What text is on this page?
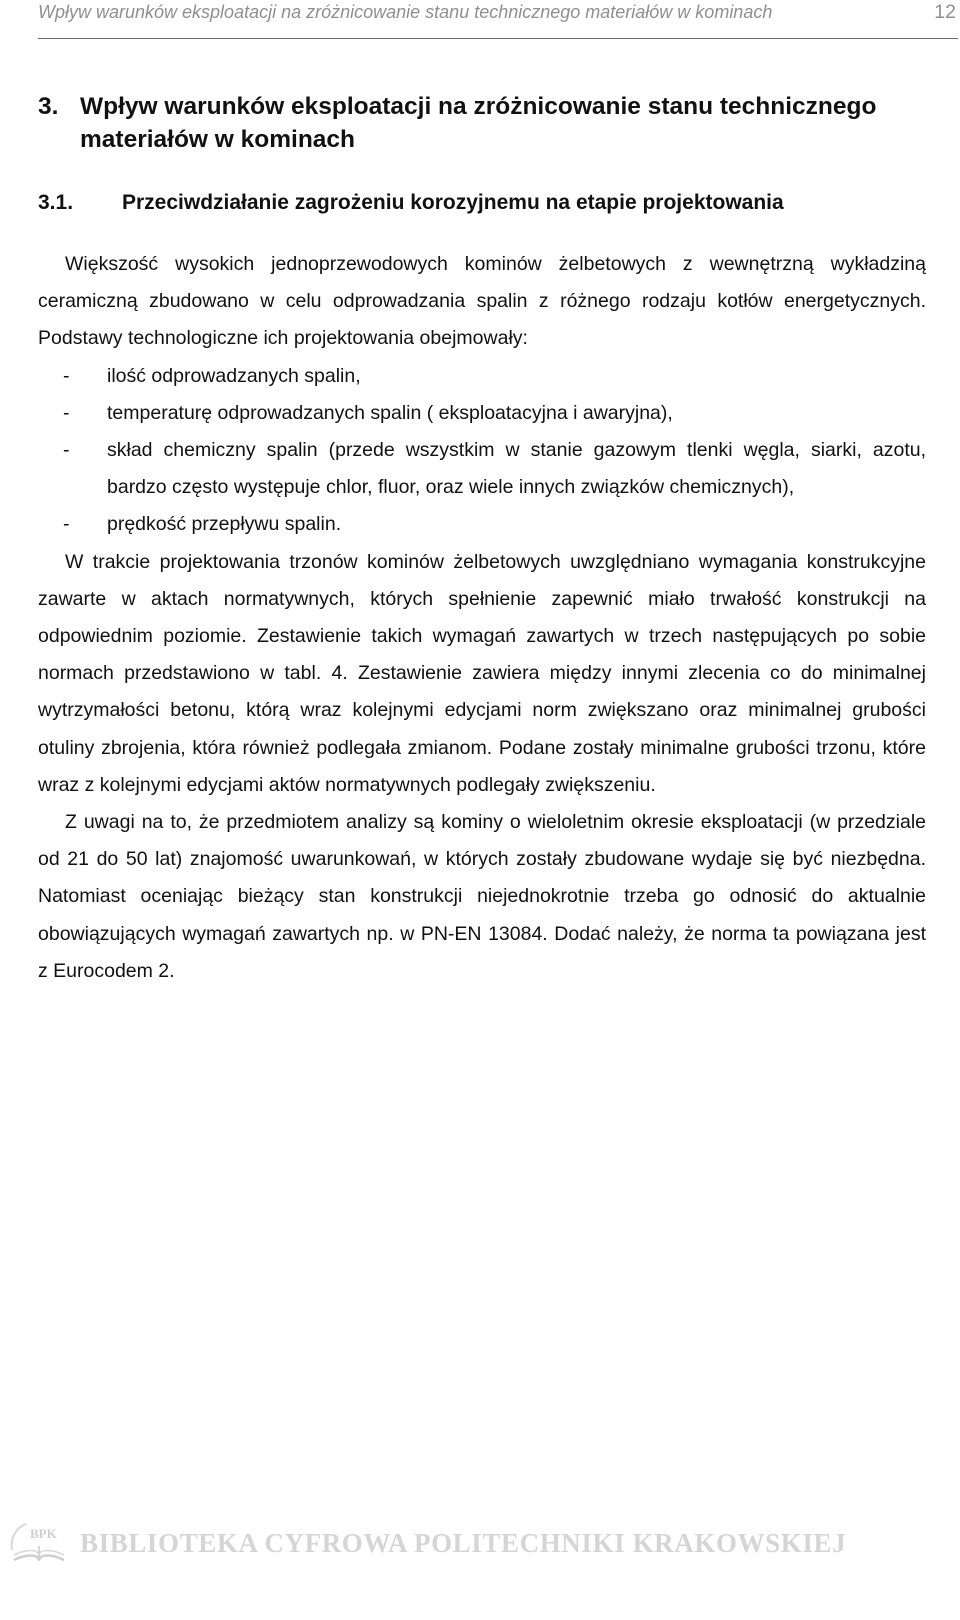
Wpływ warunków eksploatacji na zróżnicowanie stanu technicznego materiałów w kominach	12
3. Wpływ warunków eksploatacji na zróżnicowanie stanu technicznego materiałów w kominach
3.1. Przeciwdziałanie zagrożeniu korozyjnemu na etapie projektowania

Większość wysokich jednoprzewodowych kominów żelbetowych z wewnętrzną wykładziną ceramiczną zbudowano w celu odprowadzania spalin z różnego rodzaju kotłów energetycznych. Podstawy technologiczne ich projektowania obejmowały:

- ilość odprowadzanych spalin,

- temperaturę odprowadzanych spalin ( eksploatacyjna i awaryjna),

- skład chemiczny spalin (przede wszystkim w stanie gazowym tlenki węgla, siarki, azotu, bardzo często występuje chlor, fluor, oraz wiele innych związków chemicznych),

- prędkość przepływu spalin.

W trakcie projektowania trzonów kominów żelbetowych uwzględniano wymagania konstrukcyjne zawarte w aktach normatywnych, których spełnienie zapewnić miało trwałość konstrukcji na odpowiednim poziomie. Zestawienie takich wymagań zawartych w trzech następujących po sobie normach przedstawiono w tabl. 4. Zestawienie zawiera między innymi zlecenia co do minimalnej wytrzymałości betonu, którą wraz kolejnymi edycjami norm zwiększano oraz minimalnej grubości otuliny zbrojenia, która również podlegała zmianom. Podane zostały minimalne grubości trzonu, które wraz z kolejnymi edycjami aktów normatywnych podlegały zwiększeniu.

Z uwagi na to, że przedmiotem analizy są kominy o wieloletnim okresie eksploatacji (w przedziale od 21 do 50 lat) znajomość uwarunkowań, w których zostały zbudowane wydaje się być niezbędna. Natomiast oceniając bieżący stan konstrukcji niejednokrotnie trzeba go odnosić do aktualnie obowiązujących wymagań zawartych np. w PN-EN 13084. Dodać należy, że norma ta powiązana jest z Eurocodem 2.

BPK BIBLIOTEKA CYFROWA POLITECHNIKI KRAKOWSKIEJ
